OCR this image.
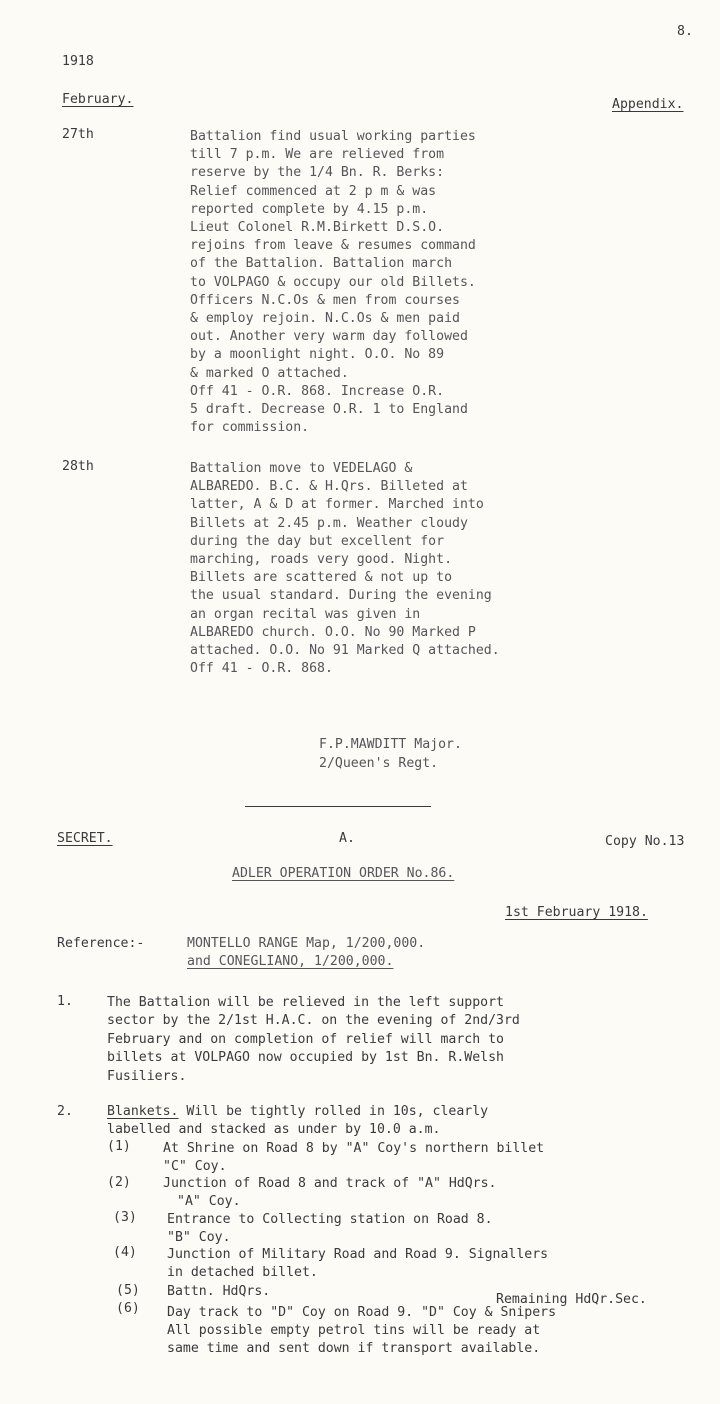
8.
1918
February.	Appendix.
27th	Battalion find usual working parties
till 7 p.m. We are relieved from
reserve by the 1/4 Bn. R. Berks:
Relief commenced at 2 p m & was
reported complete by 4.15 p.m.
Lieut Colonel R.M.Birkett D.S.O.
rejoins from leave & resumes command
of the Battalion. Battalion march
to VOLPAGO & occupy our old Billets.
Officers N.C.Os & men from courses
& employ rejoin. N.C.Os & men paid
out. Another very warm day followed
by a moonlight night. O.O. No 89
& marked O attached.
Off 41 - O.R. 868. Increase O.R.
5 draft. Decrease O.R. 1 to England
for commission.
28th	Battalion move to VEDELAGO &
ALBAREDO. B.C. & H.Qrs. Billeted at
latter, A & D at former. Marched into
Billets at 2.45 p.m. Weather cloudy
during the day but excellent for
marching, roads very good. Night.
Billets are scattered & not up to
the usual standard. During the evening
an organ recital was given in
ALBAREDO church. O.O. No 90 Marked P
attached. O.O. No 91 Marked Q attached.
Off 41 - O.R. 868.
F.P.MAWDITT Major.
2/Queen's Regt.
SECRET.	A.	Copy No.13
ADLER OPERATION ORDER No.86.
1st February 1918.
Reference:-	MONTELLO RANGE Map, 1/200,000.
and CONEGLIANO, 1/200,000.
1.	The Battalion will be relieved in the left support
sector by the 2/1st H.A.C. on the evening of 2nd/3rd
February and on completion of relief will march to
billets at VOLPAGO now occupied by 1st Bn. R.Welsh
Fusiliers.
2.	Blankets. Will be tightly rolled in 10s, clearly
labelled and stacked as under by 10.0 a.m.
(1) At Shrine on Road 8 by "A" Coy's northern billet
"C" Coy.
(2) Junction of Road 8 and track of "A" HdQrs.
"A" Coy.
(3) Entrance to Collecting station on Road 8.
"B" Coy.
(4) Junction of Military Road and Road 9. Signallers
in detached billet.
(5) Battn. HdQrs.
Remaining HdQr.Sec.
(6) Day track to "D" Coy on Road 9. "D" Coy & Snipers
All possible empty petrol tins will be ready at
same time and sent down if transport available.
